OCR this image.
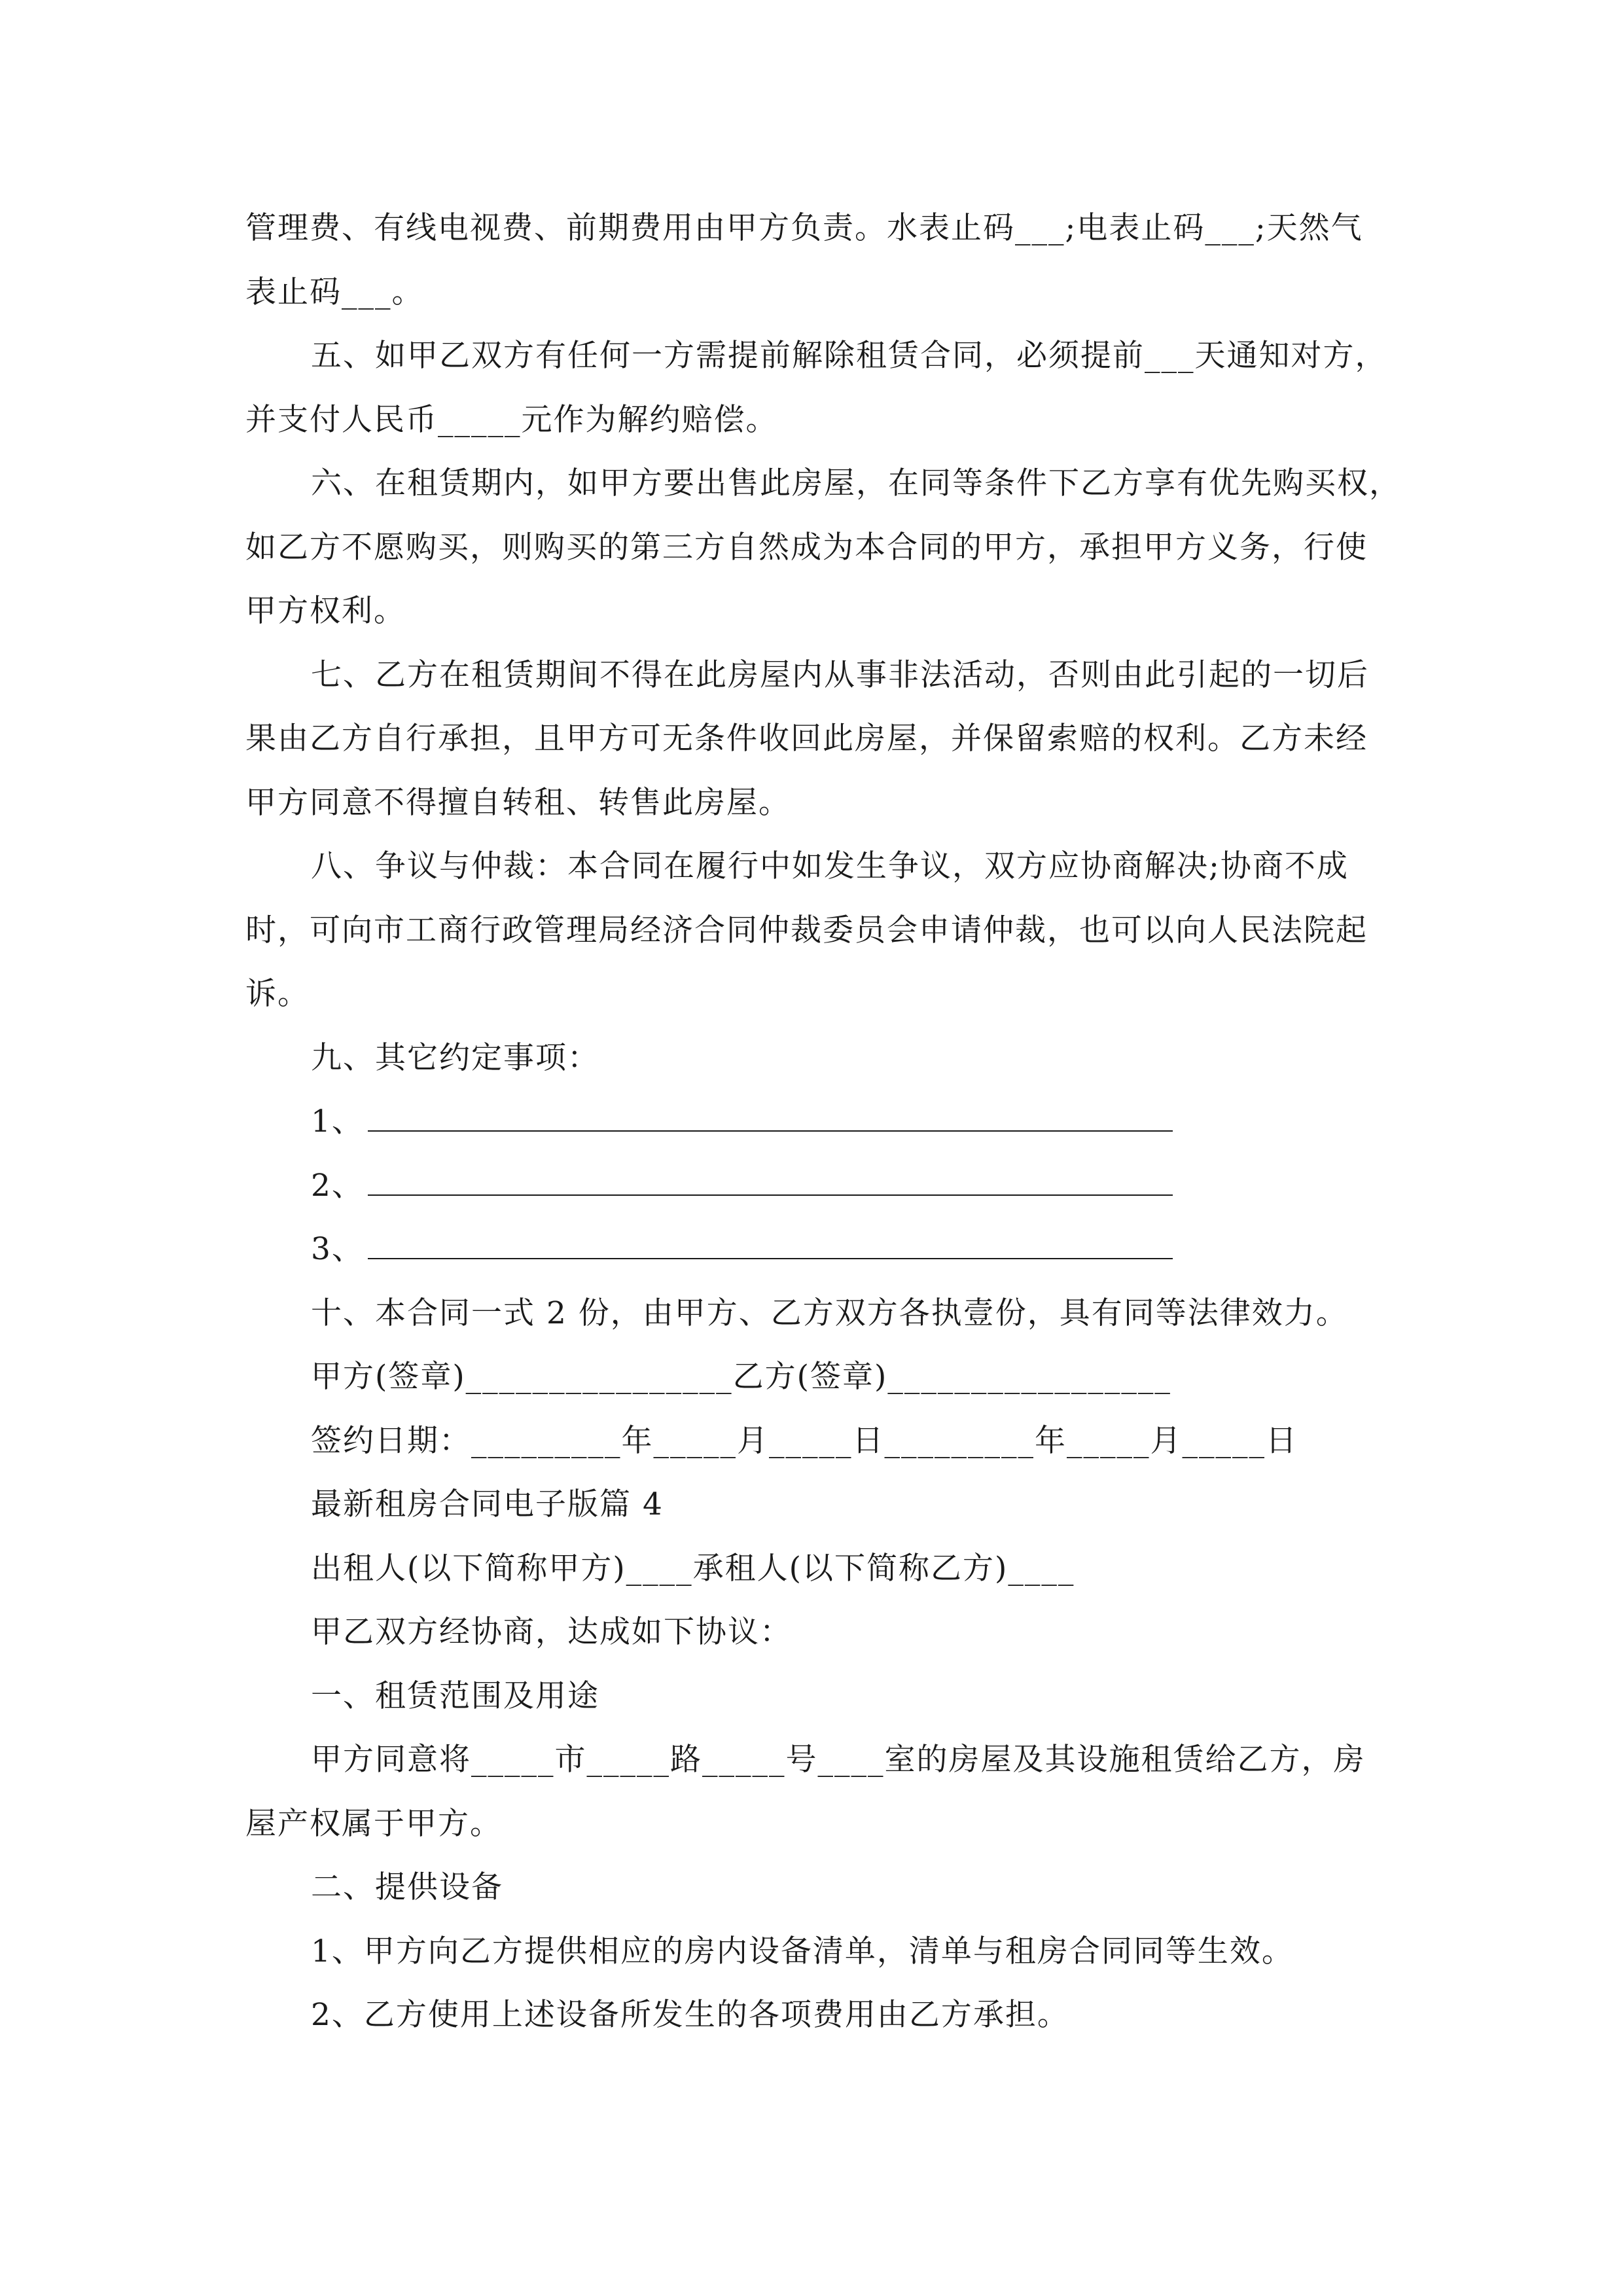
管理费、有线电视费、前期费用由甲方负责。水表止码___;电表止码___;天然气
表止码___。
五、如甲乙双方有任何一方需提前解除租赁合同，必须提前___天通知对方，
并支付人民币_____元作为解约赔偿。
六、在租赁期内，如甲方要出售此房屋，在同等条件下乙方享有优先购买权，
如乙方不愿购买，则购买的第三方自然成为本合同的甲方，承担甲方义务，行使
甲方权利。
七、乙方在租赁期间不得在此房屋内从事非法活动，否则由此引起的一切后
果由乙方自行承担，且甲方可无条件收回此房屋，并保留索赔的权利。乙方未经
甲方同意不得擅自转租、转售此房屋。
八、争议与仲裁：本合同在履行中如发生争议，双方应协商解决;协商不成
时，可向市工商行政管理局经济合同仲裁委员会申请仲裁，也可以向人民法院起
诉。
九、其它约定事项：
1、
2、
3、
十、本合同一式 2 份，由甲方、乙方双方各执壹份，具有同等法律效力。
甲方(签章)________________乙方(签章)_________________
签约日期：_________年_____月_____日_________年_____月_____日
最新租房合同电子版篇 4
出租人(以下简称甲方)____承租人(以下简称乙方)____
甲乙双方经协商，达成如下协议：
一、租赁范围及用途
甲方同意将_____市_____路_____号____室的房屋及其设施租赁给乙方，房
屋产权属于甲方。
二、提供设备
1、甲方向乙方提供相应的房内设备清单，清单与租房合同同等生效。
2、乙方使用上述设备所发生的各项费用由乙方承担。
